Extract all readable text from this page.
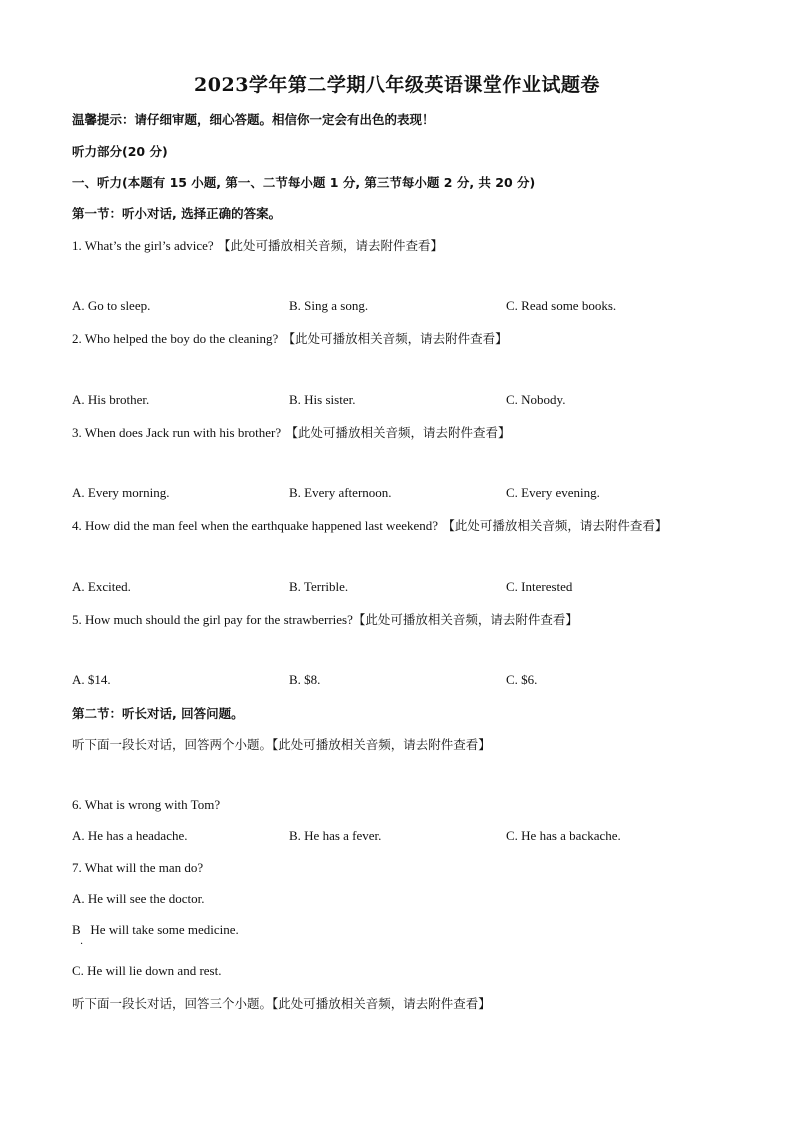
2023学年第二学期八年级英语课堂作业试题卷
温馨提示：请仔细审题，细心答题。相信你一定会有出色的表现！
听力部分(20 分)
一、听力(本题有 15 小题, 第一、二节每小题 1 分, 第三节每小题 2 分, 共 20 分)
第一节：听小对话, 选择正确的答案。
1. What’s the girl’s advice? 【此处可播放相关音频，请去附件查看】
A. Go to sleep.	B. Sing a song.	C. Read some books.
2. Who helped the boy do the cleaning? 【此处可播放相关音频，请去附件查看】
A. His brother.	B. His sister.	C. Nobody.
3. When does Jack run with his brother? 【此处可播放相关音频，请去附件查看】
A. Every morning.	B. Every afternoon.	C. Every evening.
4. How did the man feel when the earthquake happened last weekend? 【此处可播放相关音频，请去附件查看】
A. Excited.	B. Terrible.	C. Interested
5. How much should the girl pay for the strawberries?【此处可播放相关音频，请去附件查看】
A. $14.	B. $8.	C. $6.
第二节：听长对话, 回答问题。
听下面一段长对话，回答两个小题。【此处可播放相关音频，请去附件查看】
6. What is wrong with Tom?
A. He has a headache.	B. He has a fever.	C. He has a backache.
7. What will the man do?
A. He will see the doctor.
B   He will take some medicine.
·
C. He will lie down and rest.
听下面一段长对话，回答三个小题。【此处可播放相关音频，请去附件查看】
